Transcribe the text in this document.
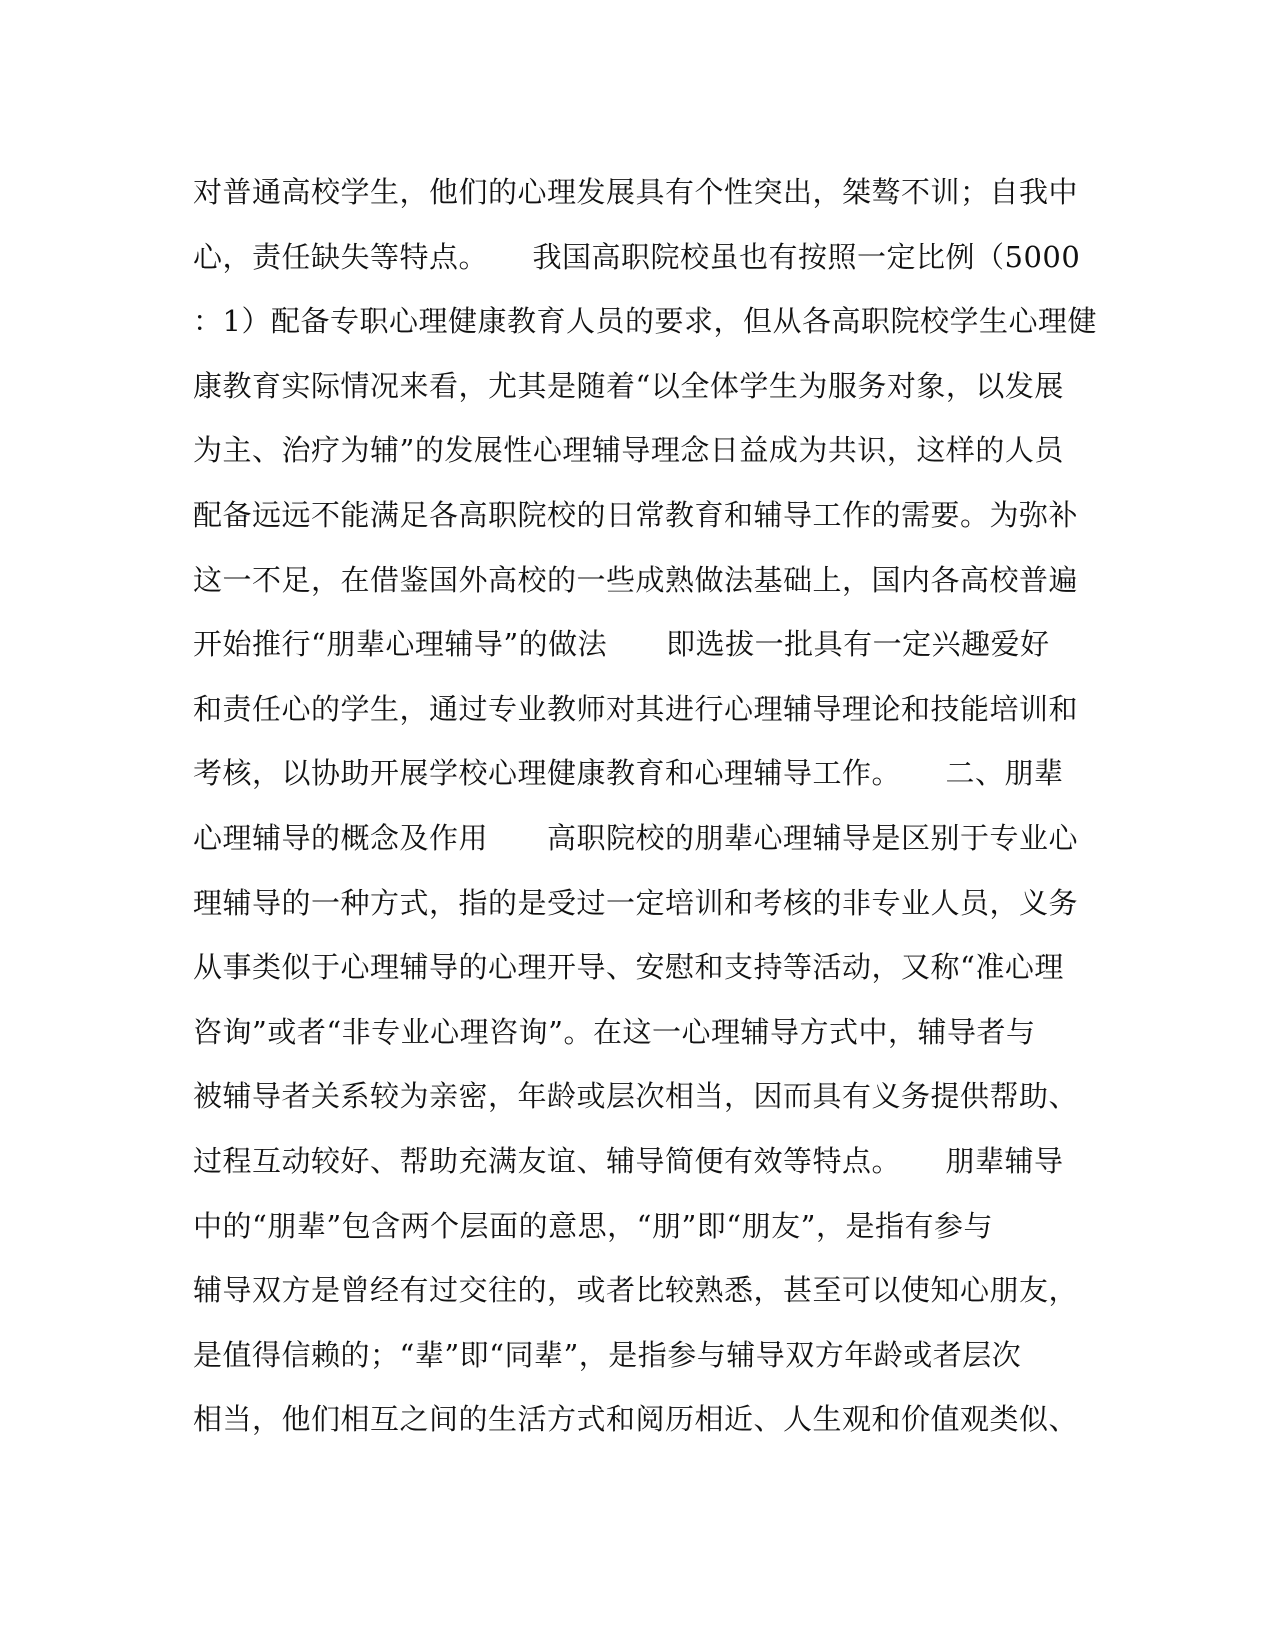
对普通高校学生，他们的心理发展具有个性突出，桀骜不训；自我中
心，责任缺失等特点。　　我国高职院校虽也有按照一定比例（5000
：1）配备专职心理健康教育人员的要求，但从各高职院校学生心理健
康教育实际情况来看，尤其是随着“以全体学生为服务对象，以发展
为主、治疗为辅”的发展性心理辅导理念日益成为共识，这样的人员
配备远远不能满足各高职院校的日常教育和辅导工作的需要。为弥补
这一不足，在借鉴国外高校的一些成熟做法基础上，国内各高校普遍
开始推行“朋辈心理辅导”的做法　　即选拔一批具有一定兴趣爱好
和责任心的学生，通过专业教师对其进行心理辅导理论和技能培训和
考核，以协助开展学校心理健康教育和心理辅导工作。　　二、朋辈
心理辅导的概念及作用　　高职院校的朋辈心理辅导是区别于专业心
理辅导的一种方式，指的是受过一定培训和考核的非专业人员，义务
从事类似于心理辅导的心理开导、安慰和支持等活动，又称“准心理
咨询”或者“非专业心理咨询”。在这一心理辅导方式中，辅导者与
被辅导者关系较为亲密，年龄或层次相当，因而具有义务提供帮助、
过程互动较好、帮助充满友谊、辅导简便有效等特点。　　朋辈辅导
中的“朋辈”包含两个层面的意思，“朋”即“朋友”，是指有参与
辅导双方是曾经有过交往的，或者比较熟悉，甚至可以使知心朋友，
是值得信赖的；“辈”即“同辈”，是指参与辅导双方年龄或者层次
相当，他们相互之间的生活方式和阅历相近、人生观和价值观类似、
